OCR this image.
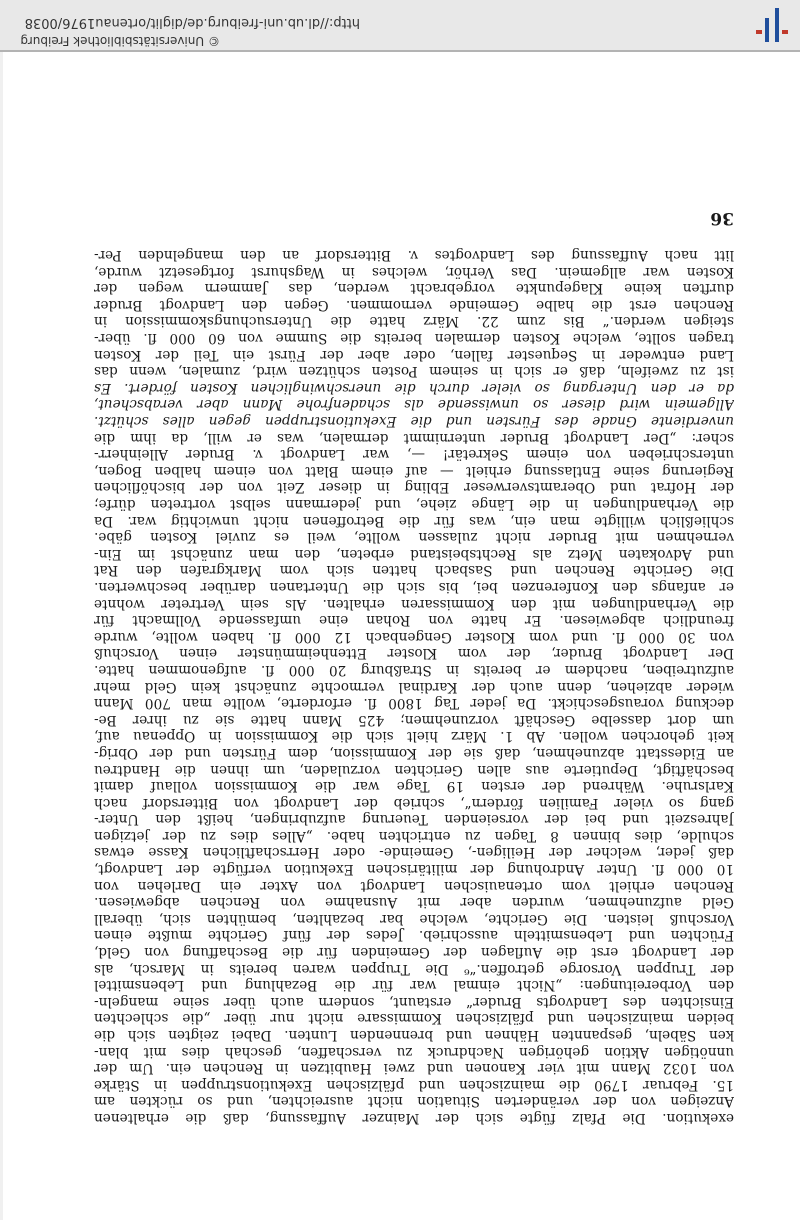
exekution. Die Pfalz fügte sich der Mainzer Auffassung, daß die erhaltenen
Anzeigen von der veränderten Situation nicht ausreichten, und so rückten am
15. Februar 1790 die mainzischen und pfälzischen Exekutionstruppen in Stärke
von 1032 Mann mit vier Kanonen und zwei Haubitzen in Renchen ein. Um der
unnötigen Aktion gehörigen Nachdruck zu verschaffen, geschah dies mit blan-
ken Säbeln, gespannten Hähnen und brennenden Lunten. Dabei zeigten sich die
beiden mainzischen und pfälzischen Kommissare nicht nur über „die schlechten
Einsichten des Landvogts Bruder“ erstaunt, sondern auch über seine mangeln-
den Vorbereitungen: „Nicht einmal war für die Bezahlung und Lebensmittel
der Truppen Vorsorge getroffen.“⁶ Die Truppen waren bereits in Marsch, als
der Landvogt erst die Auflagen der Gemeinden für die Beschaffung von Geld,
Früchten und Lebensmitteln ausschrieb. Jedes der fünf Gerichte mußte einen
Vorschuß leisten. Die Gerichte, welche bar bezahlten, bemühten sich, überall
Geld aufzunehmen, wurden aber mit Ausnahme von Renchen abgewiesen.
Renchen erhielt vom ortenauischen Landvogt von Axter ein Darlehen von
10 000 fl. Unter Androhung der militärischen Exekution verfügte der Landvogt,
daß jeder, welcher der Heiligen-, Gemeinde- oder Herrschaftlichen Kasse etwas
schulde, dies binnen 8 Tagen zu entrichten habe. „Alles dies zu der jetzigen
Jahreszeit und bei der vorseienden Teuerung aufzubringen, heißt den Unter-
gang so vieler Familien fördern“, schrieb der Landvogt von Bittersdorf nach
Karlsruhe. Während der ersten 19 Tage war die Kommission vollauf damit
beschäftigt, Deputierte aus allen Gerichten vorzuladen, um ihnen die Handtreu
an Eidesstatt abzunehmen, daß sie der Kommission, dem Fürsten und der Obrig-
keit gehorchen wollen. Ab 1. März hielt sich die Kommission in Oppenau auf,
um dort dasselbe Geschäft vorzunehmen; 425 Mann hatte sie zu ihrer Be-
deckung vorausgeschickt. Da jeder Tag 1800 fl. erforderte, wollte man 700 Mann
wieder abziehen, denn auch der Kardinal vermochte zunächst kein Geld mehr
aufzutreiben, nachdem er bereits in Straßburg 20 000 fl. aufgenommen hatte.
Der Landvogt Bruder, der vom Kloster Ettenheimmünster einen Vorschuß
von 30 000 fl. und vom Kloster Gengenbach 12 000 fl. haben wollte, wurde
freundlich abgewiesen. Er hatte von Rohan eine umfassende Vollmacht für
die Verhandlungen mit den Kommissaren erhalten. Als sein Vertreter wohnte
er anfangs den Konferenzen bei, bis sich die Untertanen darüber beschwerten.
Die Gerichte Renchen und Sasbach hatten sich vom Markgrafen den Rat
und Advokaten Metz als Rechtsbeistand erbeten, den man zunächst im Ein-
vernehmen mit Bruder nicht zulassen wollte, weil es zuviel Kosten gäbe.
schließlich willigte man ein, was für die Betroffenen nicht unwichtig war. Da
die Verhandlungen in die Länge ziehe, und jedermann selbst vortreten dürfe;
der Hofrat und Oberamtsverweser Ebling in dieser Zeit von der bischöflichen
Regierung seine Entlassung erhielt — auf einem Blatt von einem halben Bogen,
unterschrieben von einem Sekretär! —, war Landvogt v. Bruder Alleinherr-
scher: „Der Landvogt Bruder unternimmt dermalen, was er will, da ihm die
unverdiente Gnade des Fürsten und die Exekutionstruppen gegen alles schützt.
Allgemein wird dieser so unwissende als schadenfrohe Mann aber verabscheut,
da er den Untergang so vieler durch die unerschwinglichen Kosten fördert. Es
ist zu zweifeln, daß er sich in seinem Posten schützen wird, zumalen, wenn das
Land entweder in Sequester fallen, oder aber der Fürst ein Teil der Kosten
tragen sollte, welche Kosten dermalen bereits die Summe von 60 000 fl. über-
steigen werden.“ Bis zum 22. März hatte die Untersuchungskommission in
Renchen erst die halbe Gemeinde vernommen. Gegen den Landvogt Bruder
durften keine Klagepunkte vorgebracht werden, das Jammern wegen der
Kosten war allgemein. Das Verhör, welches in Wagshurst fortgesetzt wurde,
litt nach Auffassung des Landvogtes v. Bittersdorf an den mangelnden Per-
36
http://dl.ub.uni-freiburg.de/diglit/ortenau1976/0038
© Universitätsbibliothek Freiburg
